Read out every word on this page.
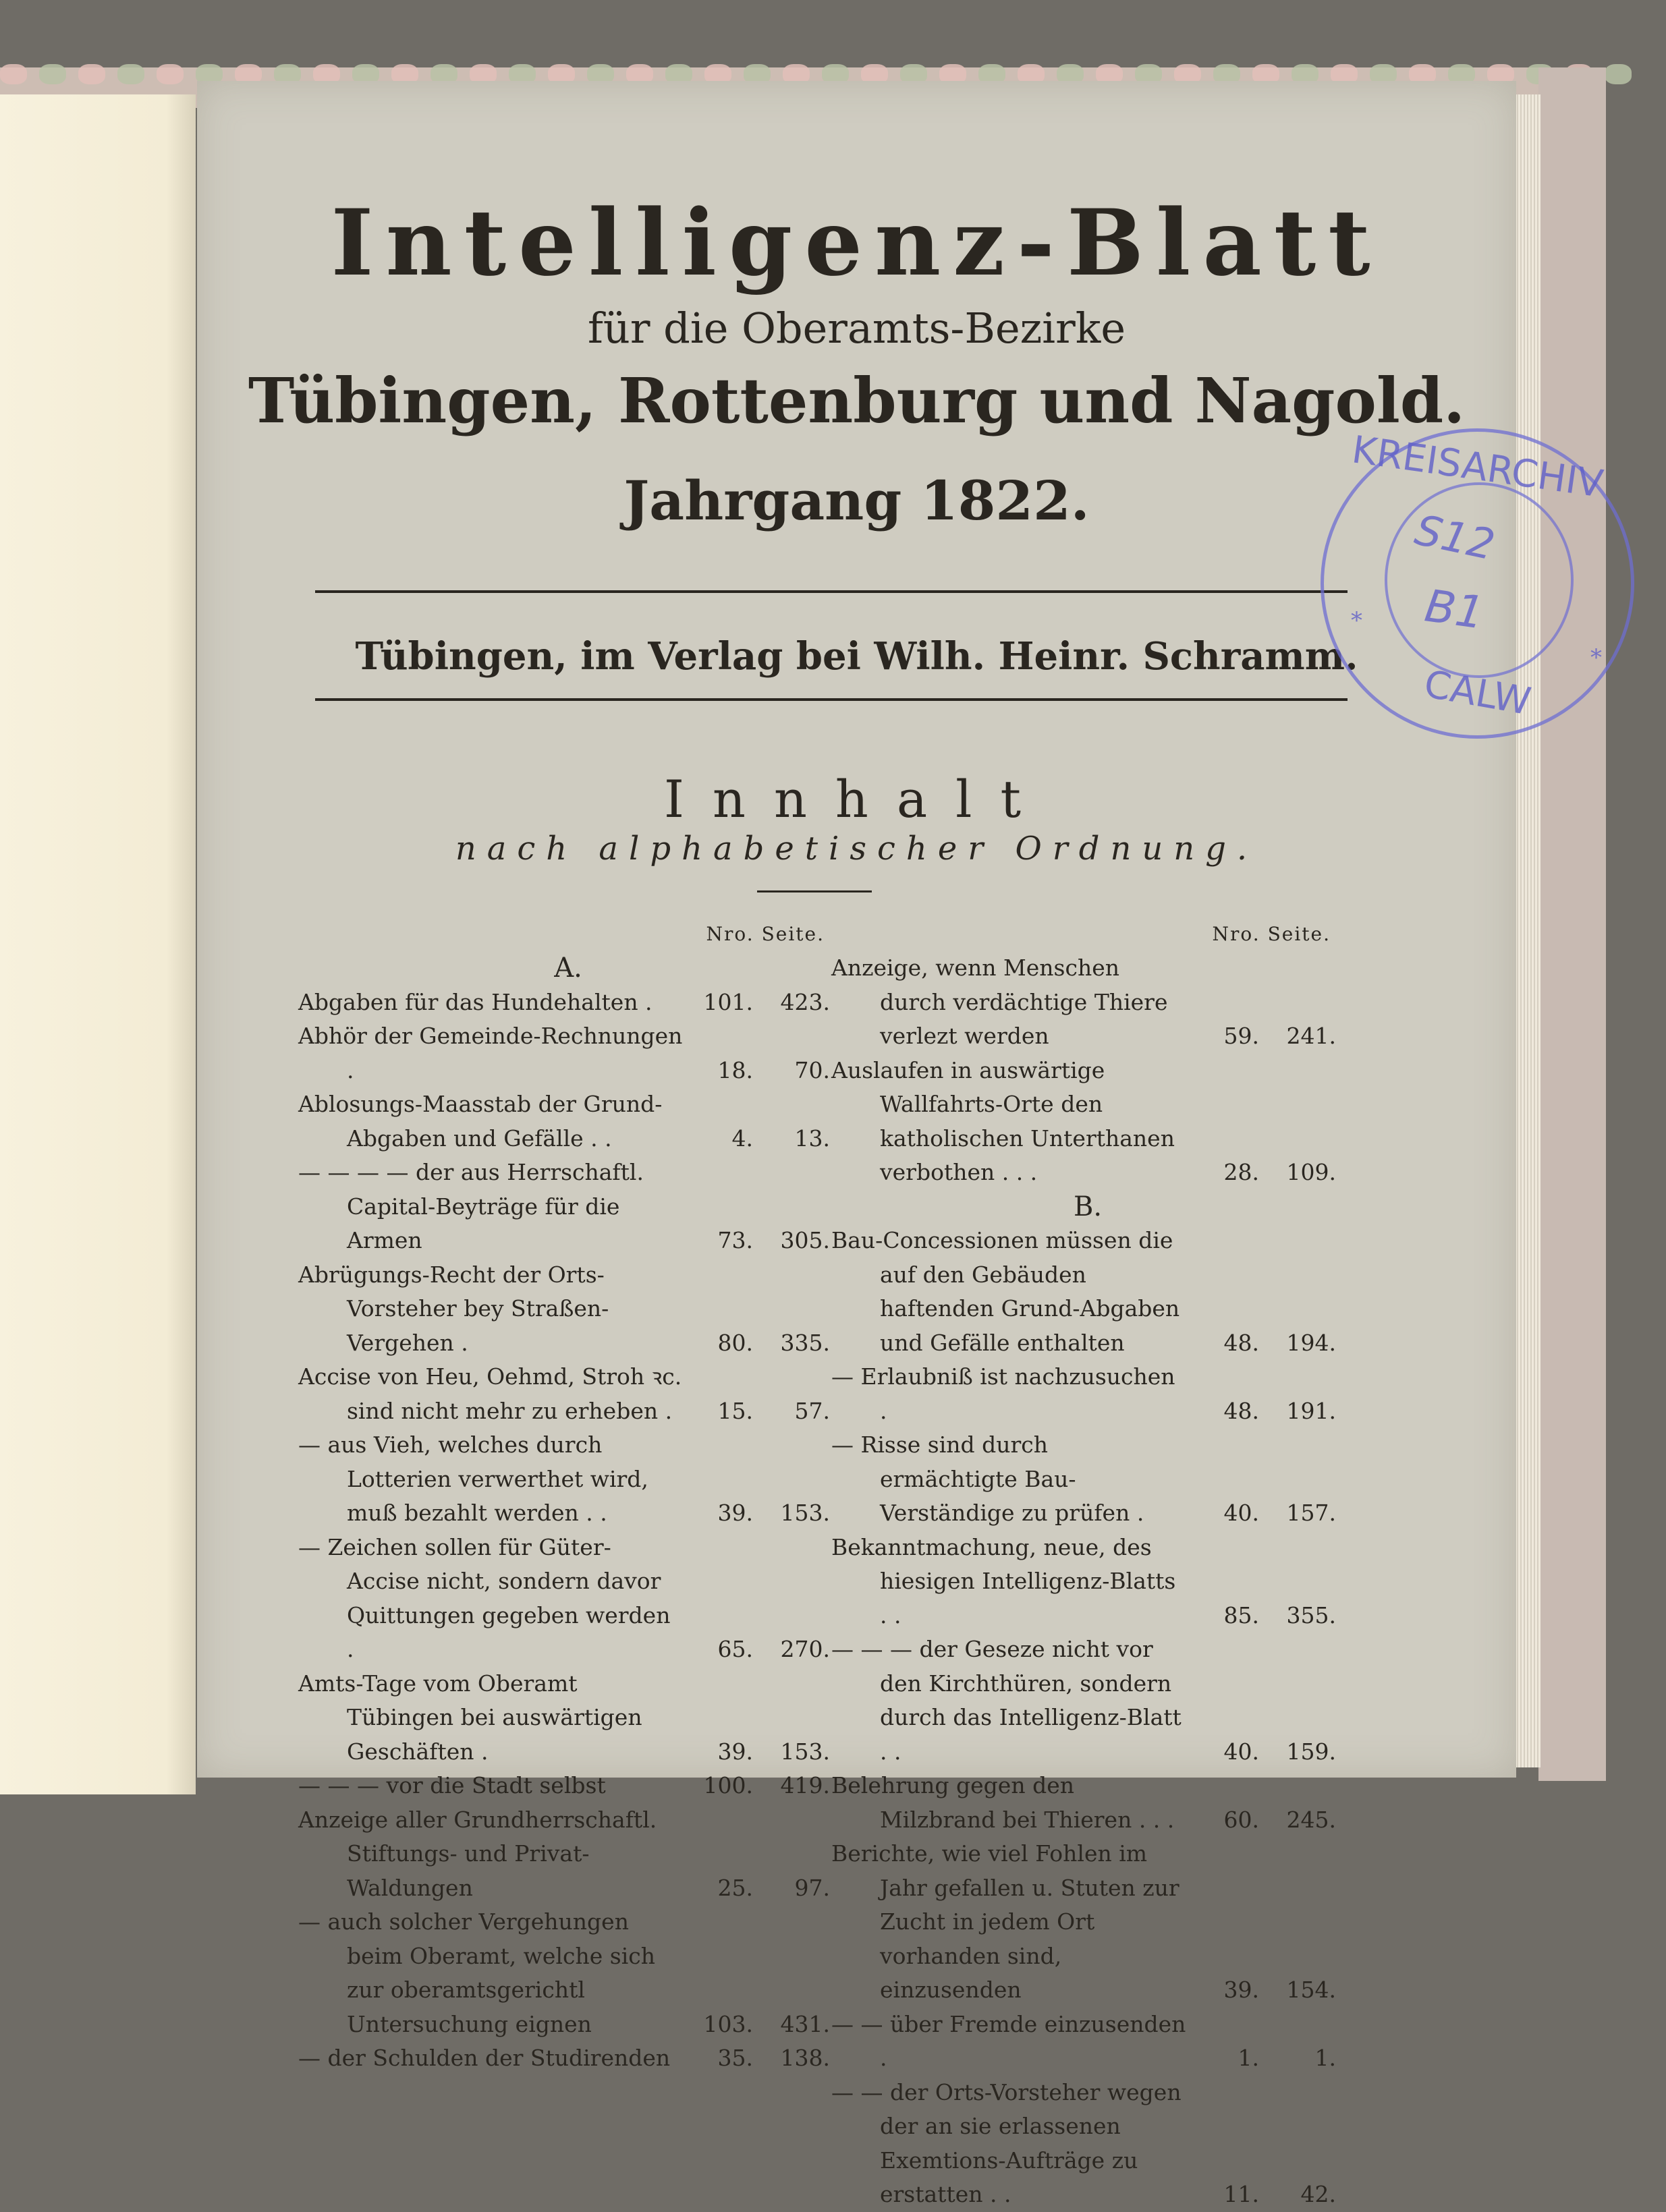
Intelligenz-Blatt
für die Oberamts-Bezirke
Tübingen, Rottenburg und Nagold.
Jahrgang 1822.
Tübingen, im Verlag bei Wilh. Heinr. Schramm.
Innhalt
nach alphabetischer Ordnung.
Nro. Seite.
A.
Abgaben für das Hundehalten .	101.	423.
Abhör der Gemeinde-Rechnungen .	18.	70.
Ablosungs-Maasstab der Grund-Abgaben und Gefälle . .	4.	13.
— — — — der aus Herrschaftl. Capital-Beyträge für die Armen	73.	305.
Abrügungs-Recht der Orts-Vorsteher bey Straßen-Vergehen .	80.	335.
Accise von Heu, Oehmd, Stroh ꝛc. sind nicht mehr zu erheben .	15.	57.
— aus Vieh, welches durch Lotterien verwerthet wird, muß bezahlt werden . .	39.	153.
— Zeichen sollen für Güter-Accise nicht, sondern davor Quittungen gegeben werden .	65.	270.
Amts-Tage vom Oberamt Tübingen bei auswärtigen Geschäften .	39.	153.
— — — vor die Stadt selbst	100.	419.
Anzeige aller Grundherrschaftl. Stiftungs- und Privat-Waldungen	25.	97.
— auch solcher Vergehungen beim Oberamt, welche sich zur oberamtsgerichtl Untersuchung eignen	103.	431.
— der Schulden der Studirenden	35.	138.
Nro. Seite.
Anzeige, wenn Menschen durch verdächtige Thiere verlezt werden	59.	241.
Auslaufen in auswärtige Wallfahrts-Orte den katholischen Unterthanen verbothen . . .	28.	109.
B.
Bau-Concessionen müssen die auf den Gebäuden haftenden Grund-Abgaben und Gefälle enthalten	48.	194.
— Erlaubniß ist nachzusuchen .	48.	191.
— Risse sind durch ermächtigte Bau-Verständige zu prüfen .	40.	157.
Bekanntmachung, neue, des hiesigen Intelligenz-Blatts . .	85.	355.
— — — der Geseze nicht vor den Kirchthüren, sondern durch das Intelligenz-Blatt . .	40.	159.
Belehrung gegen den Milzbrand bei Thieren . . .	60.	245.
Berichte, wie viel Fohlen im Jahr gefallen u. Stuten zur Zucht in jedem Ort vorhanden sind, einzusenden	39.	154.
— — über Fremde einzusenden .	1.	1.
— — der Orts-Vorsteher wegen der an sie erlassenen Exemtions-Aufträge zu erstatten . .	11.	42.
KREISARCHIV
S12
B1
CALW
*
*
